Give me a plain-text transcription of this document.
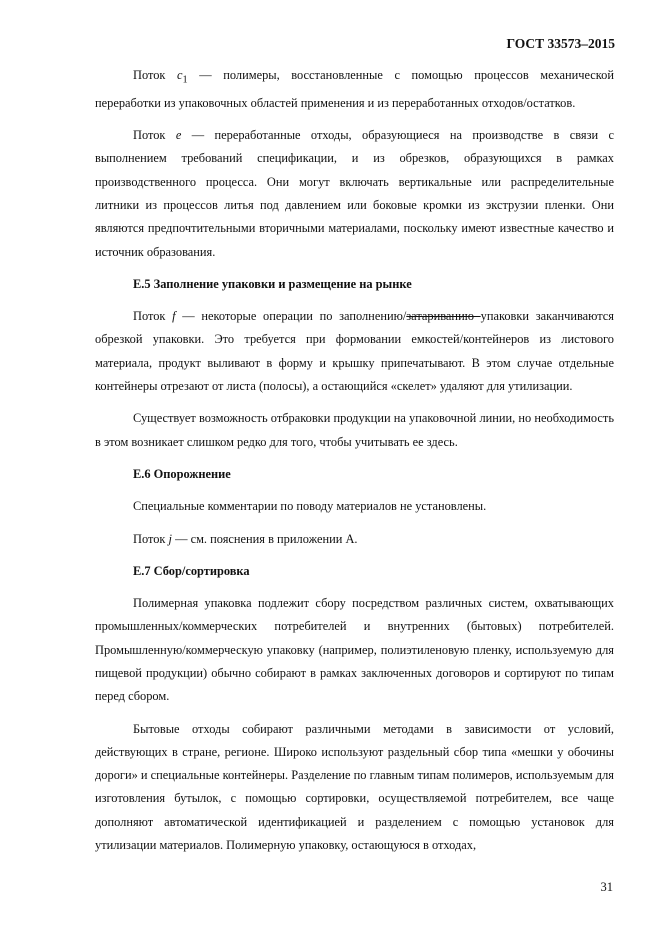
ГОСТ 33573–2015

Поток $c_1$ — полимеры, восстановленные с помощью процессов механической переработки из упаковочных областей применения и из переработанных отходов/остатков.

Поток e — переработанные отходы, образующиеся на производстве в связи с выполнением требований спецификации, и из обрезков, образующихся в рамках производственного процесса. Они могут включать вертикальные или распределительные литники из процессов литья под давлением или боковые кромки из экструзии пленки. Они являются предпочтительными вторичными материалами, поскольку имеют известные качество и источник образования.

Е.5 Заполнение упаковки и размещение на рынке

Поток f — некоторые операции по заполнению/затариванию упаковки заканчиваются обрезкой упаковки. Это требуется при формовании емкостей/контейнеров из листового материала, продукт выливают в форму и крышку припечатывают. В этом случае отдельные контейнеры отрезают от листа (полосы), а остающийся «скелет» удаляют для утилизации.

Существует возможность отбраковки продукции на упаковочной линии, но необходимость в этом возникает слишком редко для того, чтобы учитывать ее здесь.

Е.6 Опорожнение

Специальные комментарии по поводу материалов не установлены.

Поток j — см. пояснения в приложении А.

Е.7 Сбор/сортировка

Полимерная упаковка подлежит сбору посредством различных систем, охватывающих промышленных/коммерческих потребителей и внутренних (бытовых) потребителей. Промышленную/коммерческую упаковку (например, полиэтиленовую пленку, используемую для пищевой продукции) обычно собирают в рамках заключенных договоров и сортируют по типам перед сбором.

Бытовые отходы собирают различными методами в зависимости от условий, действующих в стране, регионе. Широко используют раздельный сбор типа «мешки у обочины дороги» и специальные контейнеры. Разделение по главным типам полимеров, используемым для изготовления бутылок, с помощью сортировки, осуществляемой потребителем, все чаще дополняют автоматической идентификацией и разделением с помощью установок для утилизации материалов. Полимерную упаковку, остающуюся в отходах,

31
